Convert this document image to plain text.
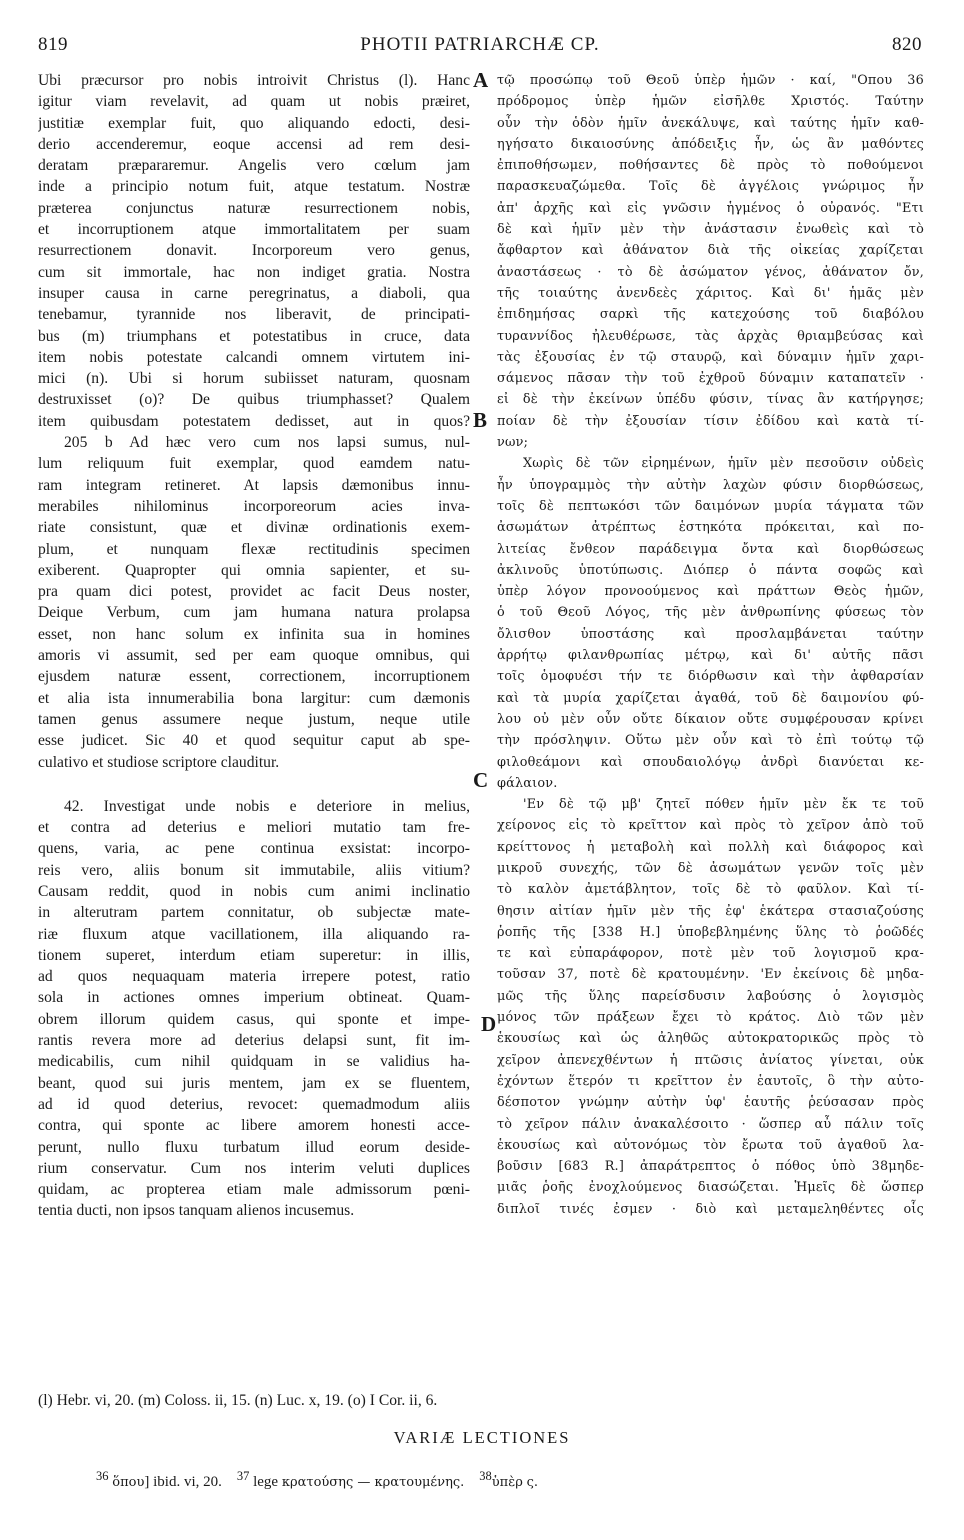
819	PHOTII PATRIARCHÆ CP.	820
Ubi præcursor pro nobis introivit Christus (l). Hanc
igitur viam revelavit, ad quam ut nobis præiret,
justitiæ exemplar fuit, quo aliquando edocti, desi-
derio accenderemur, eoque accensi ad rem desi-
deratam præpararemur. Angelis vero cœlum jam
inde a principio notum fuit, atque testatum. Nostræ
præterea conjunctus naturæ resurrectionem nobis,
et incorruptionem atque immortalitatem per suam
resurrectionem donavit. Incorporeum vero genus,
cum sit immortale, hac non indiget gratia. Nostra
insuper causa in carne peregrinatus, a diaboli, qua
tenebamur, tyrannide nos liberavit, de principati-
bus (m) triumphans et potestatibus in cruce, data
item nobis potestate calcandi omnem virtutem ini-
mici (n). Ubi si horum subiisset naturam, quosnam
destruxisset (o)? De quibus triumphasset? Qualem
item quibusdam potestatem dedisset, aut in quos?
205 b Ad hæc vero cum nos lapsi sumus, nul-
lum reliquum fuit exemplar, quod eamdem natu-
ram integram retineret. At lapsis dæmonibus innu-
merabiles nihilominus incorporeorum acies inva-
riate consistunt, quæ et divinæ ordinationis exem-
plum, et nunquam flexæ rectitudinis specimen
exiberent. Quapropter qui omnia sapienter, et su-
pra quam dici potest, providet ac facit Deus noster,
Deique Verbum, cum jam humana natura prolapsa
esset, non hanc solum ex infinita sua in homines
amoris vi assumit, sed per eam quoque omnibus, qui
ejusdem naturæ essent, correctionem, incorruptionem
et alia ista innumerabilia bona largitur: cum dæmonis
tamen genus assumere neque justum, neque utile
esse judicet. Sic 40 et quod sequitur caput ab spe-
culativo et studiose scriptore clauditur.
42. Investigat unde nobis e deteriore in melius,
et contra ad deterius e meliori mutatio tam fre-
quens, varia, ac pene continua exsistat: incorpo-
reis vero, aliis bonum sit immutabile, aliis vitium?
Causam reddit, quod in nobis cum animi inclinatio
in alterutram partem connitatur, ob subjectæ mate-
riæ fluxum atque vacillationem, illa aliquando ra-
tionem superet, interdum etiam superetur: in illis,
ad quos nequaquam materia irrepere potest, ratio
sola in actiones omnes imperium obtineat. Quam-
obrem illorum quidem casus, qui sponte et impe-
rantis revera more ad deterius delapsi sunt, fit im-
medicabilis, cum nihil quidquam in se validius ha-
beant, quod sui juris mentem, jam ex se fluentem,
ad id quod deterius, revocet: quemadmodum aliis
contra, qui sponte ac libere amorem honesti acce-
perunt, nullo fluxu turbatum illud eorum deside-
rium conservatur. Cum nos interim veluti duplices
quidam, ac propterea etiam male admissorum pœni-
tentia ducti, non ipsos tanquam alienos incusemus.
τῷ προσώπῳ τοῦ Θεοῦ ὑπὲρ ἡμῶν · καί, "Οπου 36
πρόδρομος ὑπὲρ ἡμῶν εἰσῆλθε Χριστός. Ταύτην
οὖν τὴν ὁδὸν ἡμῖν ἀνεκάλυψε, καὶ ταύτης ἡμῖν καθ-
ηγήσατο δικαιοσύνης ἀπόδειξις ἦν, ὡς ἂν μαθόντες
ἐπιποθήσωμεν, ποθήσαντες δὲ πρὸς τὸ ποθούμενοι
παρασκευαζώμεθα. Τοῖς δὲ ἀγγέλοις γνώριμος ἦν
ἀπ' ἀρχῆς καὶ εἰς γνῶσιν ἡγμένος ὁ οὐρανός. "Ετι
δὲ καὶ ἡμῖν μὲν τὴν ἀνάστασιν ἐνωθεὶς καὶ τὸ
ἄφθαρτον καὶ ἀθάνατον διὰ τῆς οἰκείας χαρίζεται
ἀναστάσεως · τὸ δὲ ἀσώματον γένος, ἀθάνατον ὄν,
τῆς τοιαύτης ἀνενδεὲς χάριτος. Καὶ δι' ἡμᾶς μὲν
ἐπιδημήσας σαρκὶ τῆς κατεχούσης τοῦ διαβόλου
τυραννίδος ἠλευθέρωσε, τὰς ἀρχὰς θριαμβεύσας καὶ
τὰς ἐξουσίας ἐν τῷ σταυρῷ, καὶ δύναμιν ἡμῖν χαρι-
σάμενος πᾶσαν τὴν τοῦ ἐχθροῦ δύναμιν καταπατεῖν ·
εἰ δὲ τὴν ἐκείνων ὑπέδυ φύσιν, τίνας ἂν κατήργησε;
ποίαν δὲ τὴν ἐξουσίαν τίσιν ἐδίδου καὶ κατὰ τί-
νων;
Χωρὶς δὲ τῶν εἰρημένων, ἡμῖν μὲν πεσοῦσιν οὐδεὶς
ἦν ὑπογραμμὸς τὴν αὐτὴν λαχὼν φύσιν διορθώσεως,
τοῖς δὲ πεπτωκόσι τῶν δαιμόνων μυρία τάγματα τῶν
ἀσωμάτων ἀτρέπτως ἑστηκότα πρόκειται, καὶ πο-
λιτείας ἔνθεον παράδειγμα ὄντα καὶ διορθώσεως
ἀκλινοῦς ὑποτύπωσις. Διόπερ ὁ πάντα σοφῶς καὶ
ὑπὲρ λόγον προνοούμενος καὶ πράττων Θεὸς ἡμῶν,
ὁ τοῦ Θεοῦ Λόγος, τῆς μὲν ἀνθρωπίνης φύσεως τὸν
ὄλισθον ὑποστάσης καὶ προσλαμβάνεται ταύτην
ἀρρήτῳ φιλανθρωπίας μέτρῳ, καὶ δι' αὐτῆς πᾶσι
τοῖς ὁμοφυέσι τήν τε διόρθωσιν καὶ τὴν ἀφθαρσίαν
καὶ τὰ μυρία χαρίζεται ἀγαθά, τοῦ δὲ δαιμονίου φύ-
λου οὐ μὲν οὖν οὔτε δίκαιον οὔτε συμφέρουσαν κρίνει
τὴν πρόσληψιν. Οὕτω μὲν οὖν καὶ τὸ ἐπὶ τούτῳ τῷ
φιλοθεάμονι καὶ σπουδαιολόγῳ ἀνδρὶ διανύεται κε-
φάλαιον.
'Εν δὲ τῷ μβ' ζητεῖ πόθεν ἡμῖν μὲν ἔκ τε τοῦ
χείρονος εἰς τὸ κρεῖττον καὶ πρὸς τὸ χεῖρον ἀπὸ τοῦ
κρείττονος ἡ μεταβολὴ καὶ πολλὴ καὶ διάφορος καὶ
μικροῦ συνεχής, τῶν δὲ ἀσωμάτων γενῶν τοῖς μὲν
τὸ καλὸν ἀμετάβλητον, τοῖς δὲ τὸ φαῦλον. Καὶ τί-
θησιν αἰτίαν ἡμῖν μὲν τῆς ἐφ' ἑκάτερα στασιαζούσης
ῥοπῆς τῆς [338 H.] ὑποβεβλημένης ὕλης τὸ ῥοῶδές
τε καὶ εὐπαράφορον, ποτὲ μὲν τοῦ λογισμοῦ κρα-
τοῦσαν 37, ποτὲ δὲ κρατουμένην. 'Εν ἐκείνοις δὲ μηδα-
μῶς τῆς ὕλης παρείσδυσιν λαβούσης ὁ λογισμὸς
μόνος τῶν πράξεων ἔχει τὸ κράτος. Διὸ τῶν μὲν
ἑκουσίως καὶ ὡς ἀληθῶς αὐτοκρατορικῶς πρὸς τὸ
χεῖρον ἀπενεχθέντων ἡ πτῶσις ἀνίατος γίνεται, οὐκ
ἐχόντων ἕτερόν τι κρεῖττον ἐν ἑαυτοῖς, ὃ τὴν αὐτο-
δέσποτον γνώμην αὐτὴν ὑφ' ἑαυτῆς ῥεύσασαν πρὸς
τὸ χεῖρον πάλιν ἀνακαλέσοιτο · ὥσπερ αὖ πάλιν τοῖς
ἑκουσίως καὶ αὐτονόμως τὸν ἔρωτα τοῦ ἀγαθοῦ λα-
βοῦσιν [683 R.] ἀπαράτρεπτος ὁ πόθος ὑπὸ 38μηδε-
μιᾶς ῥοῆς ἐνοχλούμενος διασώζεται. Ἡμεῖς δὲ ὥσπερ
διπλοῖ τινές ἐσμεν · διὸ καὶ μεταμεληθέντες οἷς
A
B
C
D
(l) Hebr. vi, 20. (m) Coloss. ii, 15. (n) Luc. x, 19. (o) I Cor. ii, 6.
VARIÆ LECTIONES
$^{36}$ ὅπου] ibid. vi, 20. $^{37}$ lege κρατούσης — κρατουμένης. $^{38}$ὑπὲρ ς.
